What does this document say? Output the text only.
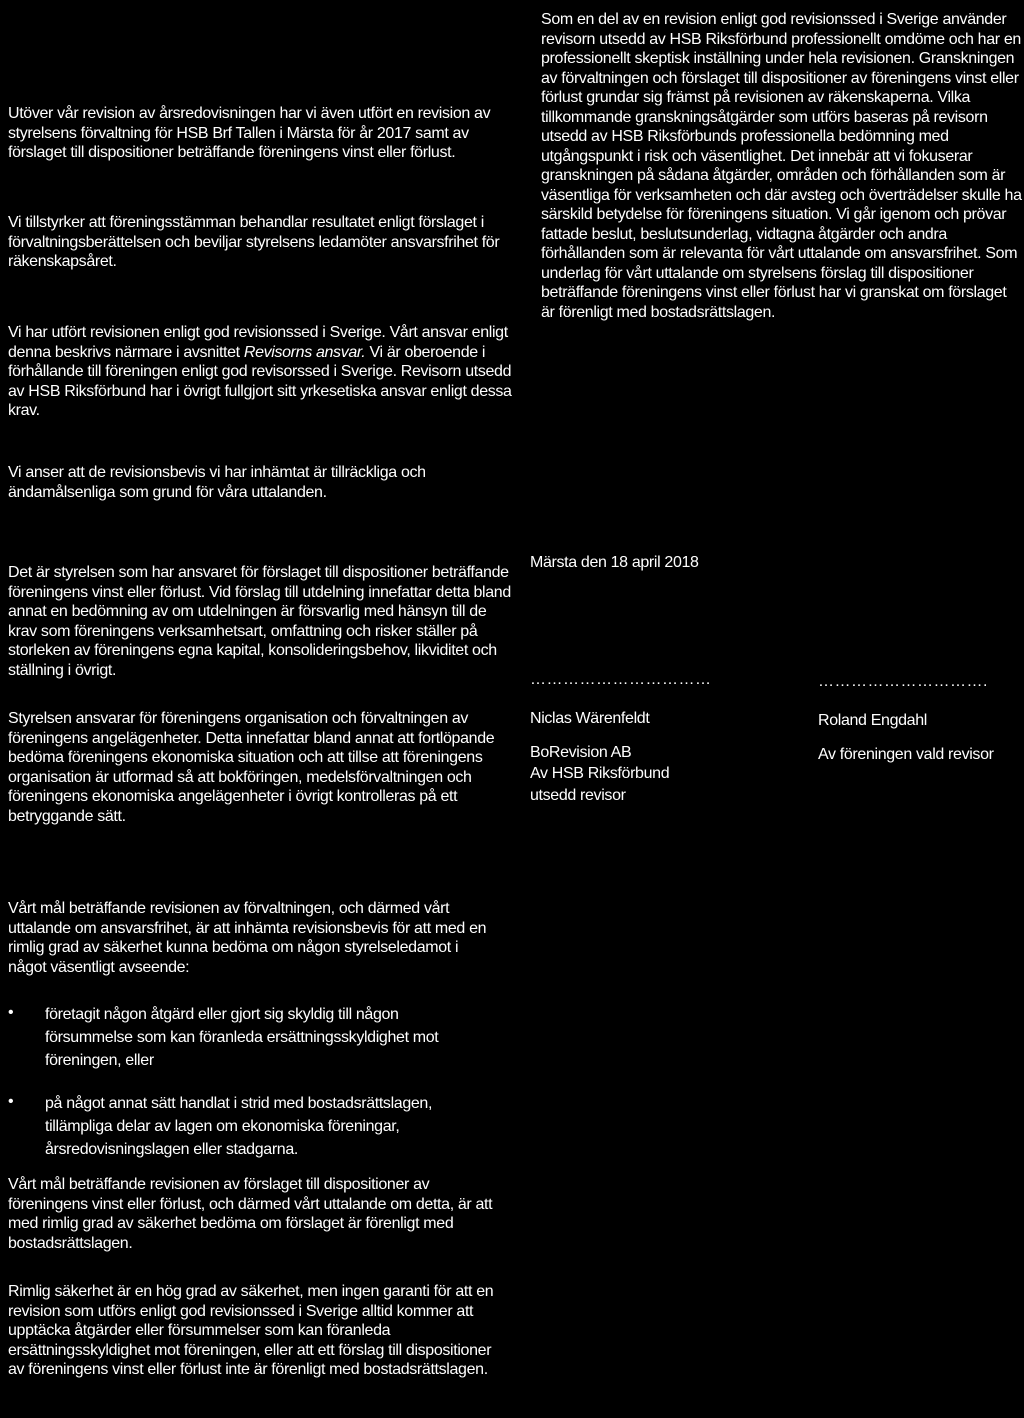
Utöver vår revision av årsredovisningen har vi även utfört en revision av styrelsens förvaltning för HSB Brf Tallen i Märsta för år 2017 samt av förslaget till dispositioner beträffande föreningens vinst eller förlust.

Vi tillstyrker att föreningsstämman behandlar resultatet enligt förslaget i förvaltningsberättelsen och beviljar styrelsens ledamöter ansvarsfrihet för räkenskapsåret.

Vi har utfört revisionen enligt god revisionssed i Sverige. Vårt ansvar enligt denna beskrivs närmare i avsnittet Revisorns ansvar. Vi är oberoende i förhållande till föreningen enligt god revisorssed i Sverige. Revisorn utsedd av HSB Riksförbund har i övrigt fullgjort sitt yrkesetiska ansvar enligt dessa krav.

Vi anser att de revisionsbevis vi har inhämtat är tillräckliga och ändamålsenliga som grund för våra uttalanden.

Det är styrelsen som har ansvaret för förslaget till dispositioner beträffande föreningens vinst eller förlust. Vid förslag till utdelning innefattar detta bland annat en bedömning av om utdelningen är försvarlig med hänsyn till de krav som föreningens verksamhetsart, omfattning och risker ställer på storleken av föreningens egna kapital, konsolideringsbehov, likviditet och ställning i övrigt.

Styrelsen ansvarar för föreningens organisation och förvaltningen av föreningens angelägenheter. Detta innefattar bland annat att fortlöpande bedöma föreningens ekonomiska situation och att tillse att föreningens organisation är utformad så att bokföringen, medelsförvaltningen och föreningens ekonomiska angelägenheter i övrigt kontrolleras på ett betryggande sätt.

Vårt mål beträffande revisionen av förvaltningen, och därmed vårt uttalande om ansvarsfrihet, är att inhämta revisionsbevis för att med en rimlig grad av säkerhet kunna bedöma om någon styrelseledamot i något väsentligt avseende:

• företagit någon åtgärd eller gjort sig skyldig till någon försummelse som kan föranleda ersättningsskyldighet mot föreningen, eller
• på något annat sätt handlat i strid med bostadsrättslagen, tillämpliga delar av lagen om ekonomiska föreningar, årsredovisningslagen eller stadgarna.

Vårt mål beträffande revisionen av förslaget till dispositioner av föreningens vinst eller förlust, och därmed vårt uttalande om detta, är att med rimlig grad av säkerhet bedöma om förslaget är förenligt med bostadsrättslagen.

Rimlig säkerhet är en hög grad av säkerhet, men ingen garanti för att en revision som utförs enligt god revisionssed i Sverige alltid kommer att upptäcka åtgärder eller försummelser som kan föranleda ersättningsskyldighet mot föreningen, eller att ett förslag till dispositioner av föreningens vinst eller förlust inte är förenligt med bostadsrättslagen.

Som en del av en revision enligt god revisionssed i Sverige använder revisorn utsedd av HSB Riksförbund professionellt omdöme och har en professionellt skeptisk inställning under hela revisionen. Granskningen av förvaltningen och förslaget till dispositioner av föreningens vinst eller förlust grundar sig främst på revisionen av räkenskaperna. Vilka tillkommande granskningsåtgärder som utförs baseras på revisorn utsedd av HSB Riksförbunds professionella bedömning med utgångspunkt i risk och väsentlighet. Det innebär att vi fokuserar granskningen på sådana åtgärder, områden och förhållanden som är väsentliga för verksamheten och där avsteg och överträdelser skulle ha särskild betydelse för föreningens situation. Vi går igenom och prövar fattade beslut, beslutsunderlag, vidtagna åtgärder och andra förhållanden som är relevanta för vårt uttalande om ansvarsfrihet. Som underlag för vårt uttalande om styrelsens förslag till dispositioner beträffande föreningens vinst eller förlust har vi granskat om förslaget är förenligt med bostadsrättslagen.

Märsta den 18 april 2018
……………………………	………………………….
Niclas Wärenfeldt
BoRevision AB
Av HSB Riksförbund
utsedd revisor
Roland Engdahl
Av föreningen vald revisor
